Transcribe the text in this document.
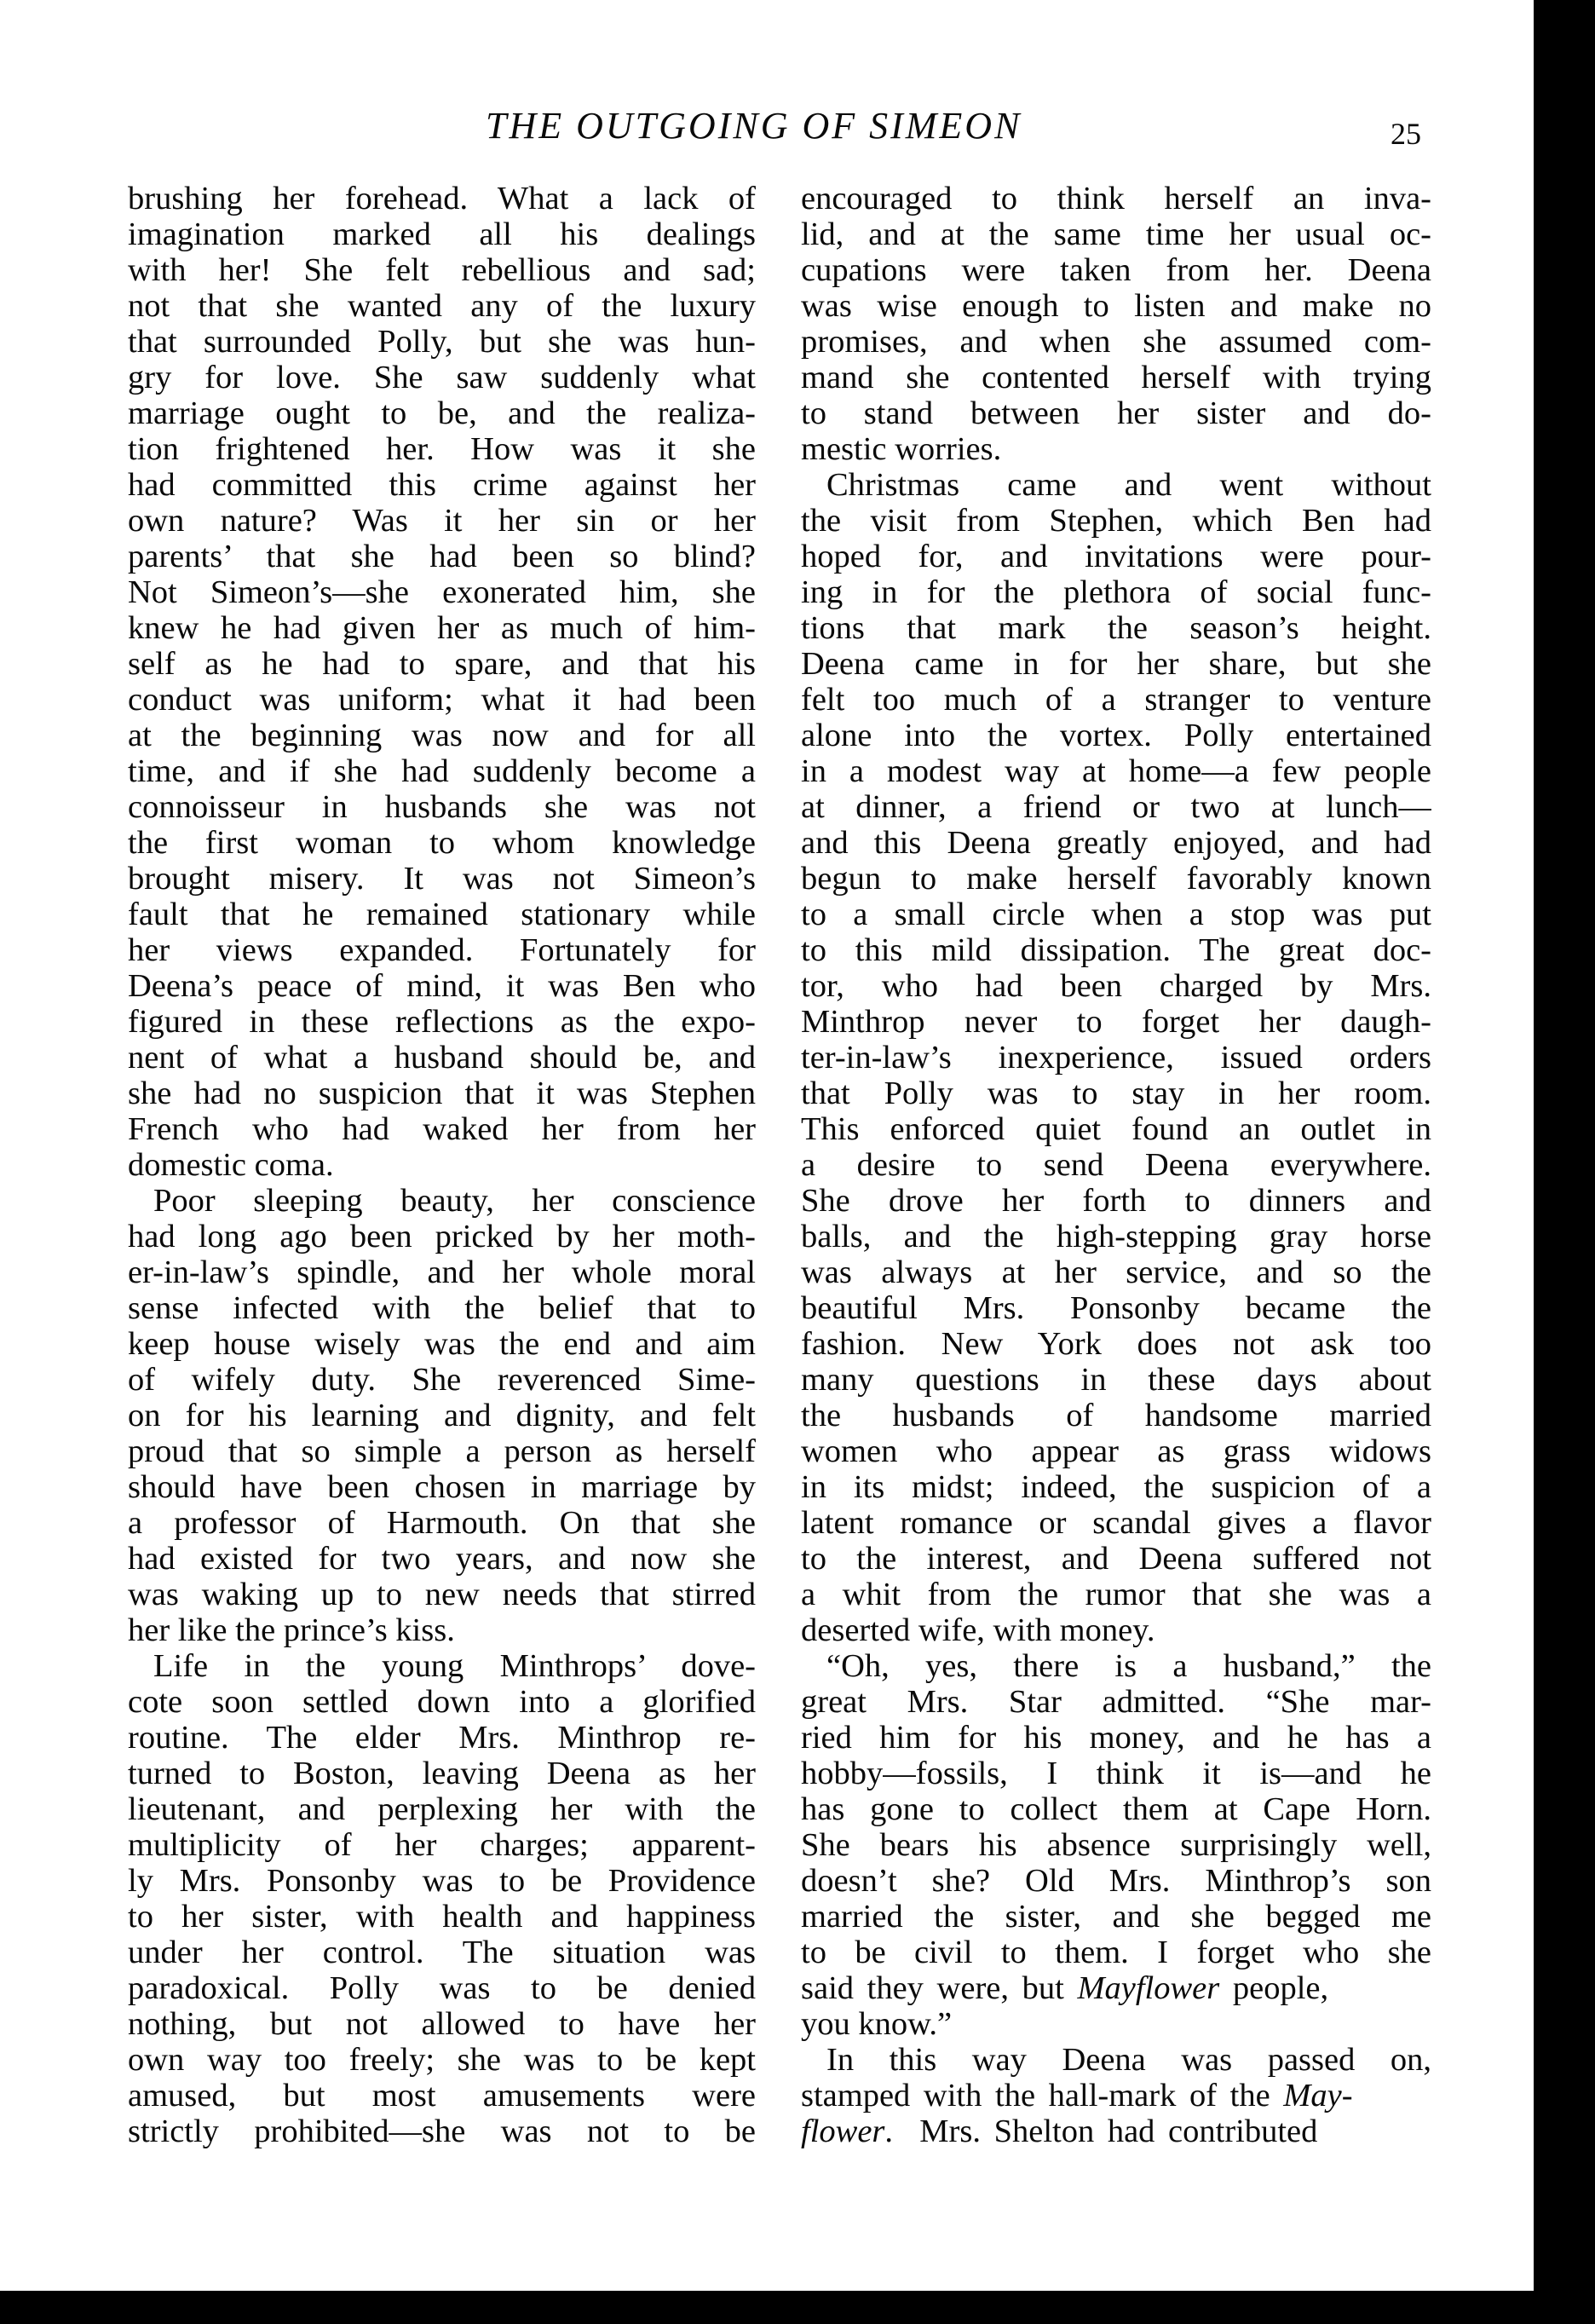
THE OUTGOING OF SIMEON	25
brushing her forehead. What a lack of
imagination marked all his dealings
with her! She felt rebellious and sad;
not that she wanted any of the luxury
that surrounded Polly, but she was hun-
gry for love. She saw suddenly what
marriage ought to be, and the realiza-
tion frightened her. How was it she
had committed this crime against her
own nature? Was it her sin or her
parents’ that she had been so blind?
Not Simeon’s—she exonerated him, she
knew he had given her as much of him-
self as he had to spare, and that his
conduct was uniform; what it had been
at the beginning was now and for all
time, and if she had suddenly become a
connoisseur in husbands she was not
the first woman to whom knowledge
brought misery. It was not Simeon’s
fault that he remained stationary while
her views expanded. Fortunately for
Deena’s peace of mind, it was Ben who
figured in these reflections as the expo-
nent of what a husband should be, and
she had no suspicion that it was Stephen
French who had waked her from her
domestic coma.
Poor sleeping beauty, her conscience
had long ago been pricked by her moth-
er-in-law’s spindle, and her whole moral
sense infected with the belief that to
keep house wisely was the end and aim
of wifely duty. She reverenced Sime-
on for his learning and dignity, and felt
proud that so simple a person as herself
should have been chosen in marriage by
a professor of Harmouth. On that she
had existed for two years, and now she
was waking up to new needs that stirred
her like the prince’s kiss.
Life in the young Minthrops’ dove-
cote soon settled down into a glorified
routine. The elder Mrs. Minthrop re-
turned to Boston, leaving Deena as her
lieutenant, and perplexing her with the
multiplicity of her charges; apparent-
ly Mrs. Ponsonby was to be Providence
to her sister, with health and happiness
under her control. The situation was
paradoxical. Polly was to be denied
nothing, but not allowed to have her
own way too freely; she was to be kept
amused, but most amusements were
strictly prohibited—she was not to be
encouraged to think herself an inva-
lid, and at the same time her usual oc-
cupations were taken from her. Deena
was wise enough to listen and make no
promises, and when she assumed com-
mand she contented herself with trying
to stand between her sister and do-
mestic worries.
Christmas came and went without
the visit from Stephen, which Ben had
hoped for, and invitations were pour-
ing in for the plethora of social func-
tions that mark the season’s height.
Deena came in for her share, but she
felt too much of a stranger to venture
alone into the vortex. Polly entertained
in a modest way at home—a few people
at dinner, a friend or two at lunch—
and this Deena greatly enjoyed, and had
begun to make herself favorably known
to a small circle when a stop was put
to this mild dissipation. The great doc-
tor, who had been charged by Mrs.
Minthrop never to forget her daugh-
ter-in-law’s inexperience, issued orders
that Polly was to stay in her room.
This enforced quiet found an outlet in
a desire to send Deena everywhere.
She drove her forth to dinners and
balls, and the high-stepping gray horse
was always at her service, and so the
beautiful Mrs. Ponsonby became the
fashion. New York does not ask too
many questions in these days about
the husbands of handsome married
women who appear as grass widows
in its midst; indeed, the suspicion of a
latent romance or scandal gives a flavor
to the interest, and Deena suffered not
a whit from the rumor that she was a
deserted wife, with money.
“Oh, yes, there is a husband,” the
great Mrs. Star admitted. “She mar-
ried him for his money, and he has a
hobby—fossils, I think it is—and he
has gone to collect them at Cape Horn.
She bears his absence surprisingly well,
doesn’t she? Old Mrs. Minthrop’s son
married the sister, and she begged me
to be civil to them. I forget who she
said they were, but Mayflower people,
you know.”
In this way Deena was passed on,
stamped with the hall-mark of the May-
flower.  Mrs. Shelton had contributed
